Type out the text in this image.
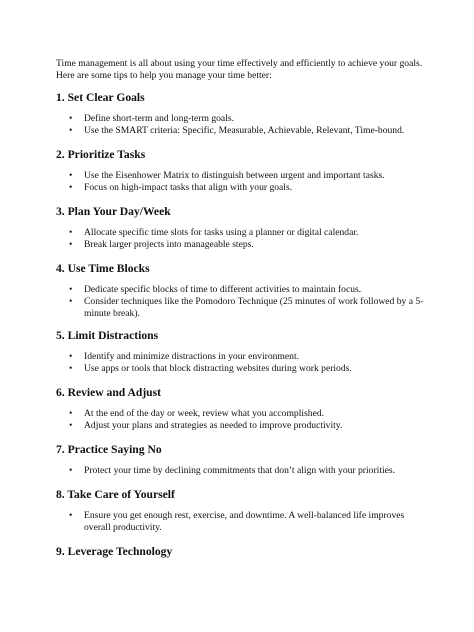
Time management is all about using your time effectively and efficiently to achieve your goals. Here are some tips to help you manage your time better:

1. Set Clear Goals
• Define short-term and long-term goals.
• Use the SMART criteria: Specific, Measurable, Achievable, Relevant, Time-bound.
2. Prioritize Tasks
• Use the Eisenhower Matrix to distinguish between urgent and important tasks.
• Focus on high-impact tasks that align with your goals.
3. Plan Your Day/Week
• Allocate specific time slots for tasks using a planner or digital calendar.
• Break larger projects into manageable steps.
4. Use Time Blocks
• Dedicate specific blocks of time to different activities to maintain focus.
• Consider techniques like the Pomodoro Technique (25 minutes of work followed by a 5-minute break).
5. Limit Distractions
• Identify and minimize distractions in your environment.
• Use apps or tools that block distracting websites during work periods.
6. Review and Adjust
• At the end of the day or week, review what you accomplished.
• Adjust your plans and strategies as needed to improve productivity.
7. Practice Saying No
• Protect your time by declining commitments that don’t align with your priorities.
8. Take Care of Yourself
• Ensure you get enough rest, exercise, and downtime. A well-balanced life improves overall productivity.
9. Leverage Technology
